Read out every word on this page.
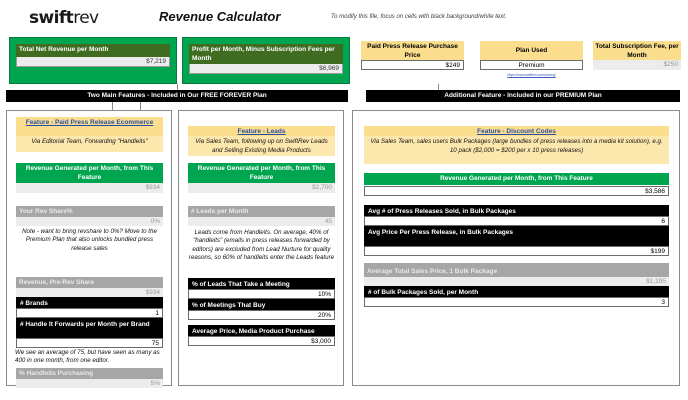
swiftrev	Revenue Calculator	To modify this file, focus on cells with black background/white text.
Total Net Revenue per Month
$7,219
Profit per Month, Minus Subscription Fees per Month
$6,969
Paid Press Release Purchase Price
$249
Plan Used
Premium
https://www.swiftrev.com/pricing/
Total Subscription Fee, per Month
$250
Two Main Features - Included in Our FREE FOREVER Plan	Additional Feature - Included in our PREMIUM Plan
Feature - Paid Press Release Ecommerce
Via Editorial Team, Forwarding "Handleits"
Revenue Generated per Month, from This Feature
$934
Your Rev Share%
0%
Note - want to bring revshare to 0%? Move to the Premium Plan that also unlocks bundled press release sales
Revenue, Pre-Rev Share
$934
# Brands
1
# Handle It Forwards per Month per Brand
75
We see an average of 75, but have seen as many as 400 in one month, from one editor.
% Handleits Purchasing
5%
Feature - Leads
Via Sales Team, following up on SwiftRev Leads and Selling Existing Media Products
Revenue Generated per Month, from This Feature
$2,700
# Leads per Month
45
Leads come from Handleits. On average, 40% of "handleits" (emails in press releases forwarded by editors) are excluded from Lead Nurture for quality reasons, so 60% of handleits enter the Leads feature
% of Leads That Take a Meeting
10%
% of Meetings That Buy
20%
Average Price, Media Product Purchase
$3,000
Feature - Discount Codes
Via Sales Team, sales users Bulk Packages (large bundles of press releases into a media kit solution), e.g. 10 pack ($2,000 = $200 per x 10 press releases)
Revenue Generated per Month, from This Feature
$3,586
Avg # of Press Releases Sold, in Bulk Packages
6
Avg Price Per Press Release, in Bulk Packages
$199
Average Total Sales Price, 1 Bulk Package
$1,195
# of Bulk Packages Sold, per Month
3
